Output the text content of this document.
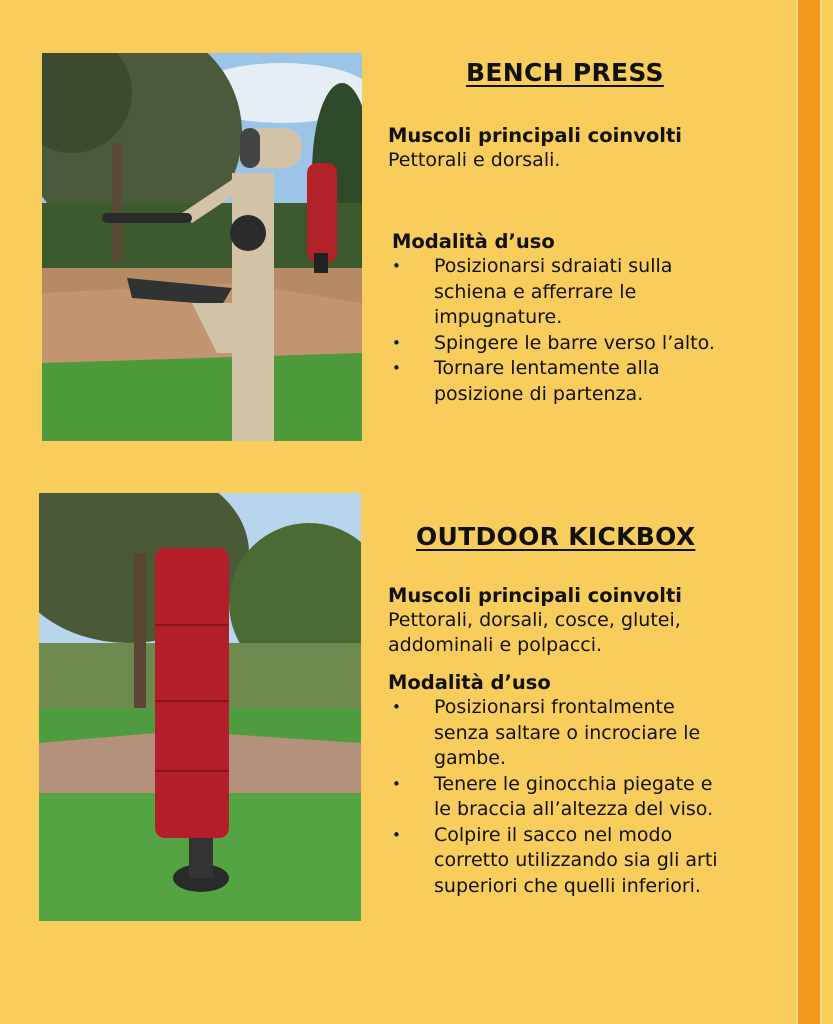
BENCH PRESS

Muscoli principali coinvolti

Pettorali e dorsali.

Modalità d’uso

• Posizionarsi sdraiati sulla
schiena e afferrare le
impugnature.
• Spingere le barre verso l’alto.
• Tornare lentamente alla
posizione di partenza.
OUTDOOR KICKBOX

Muscoli principali coinvolti

Pettorali, dorsali, cosce, glutei,

addominali e polpacci.

Modalità d’uso

• Posizionarsi frontalmente
senza saltare o incrociare le
gambe.
• Tenere le ginocchia piegate e
le braccia all’altezza del viso.
• Colpire il sacco nel modo
corretto utilizzando sia gli arti
superiori che quelli inferiori.
